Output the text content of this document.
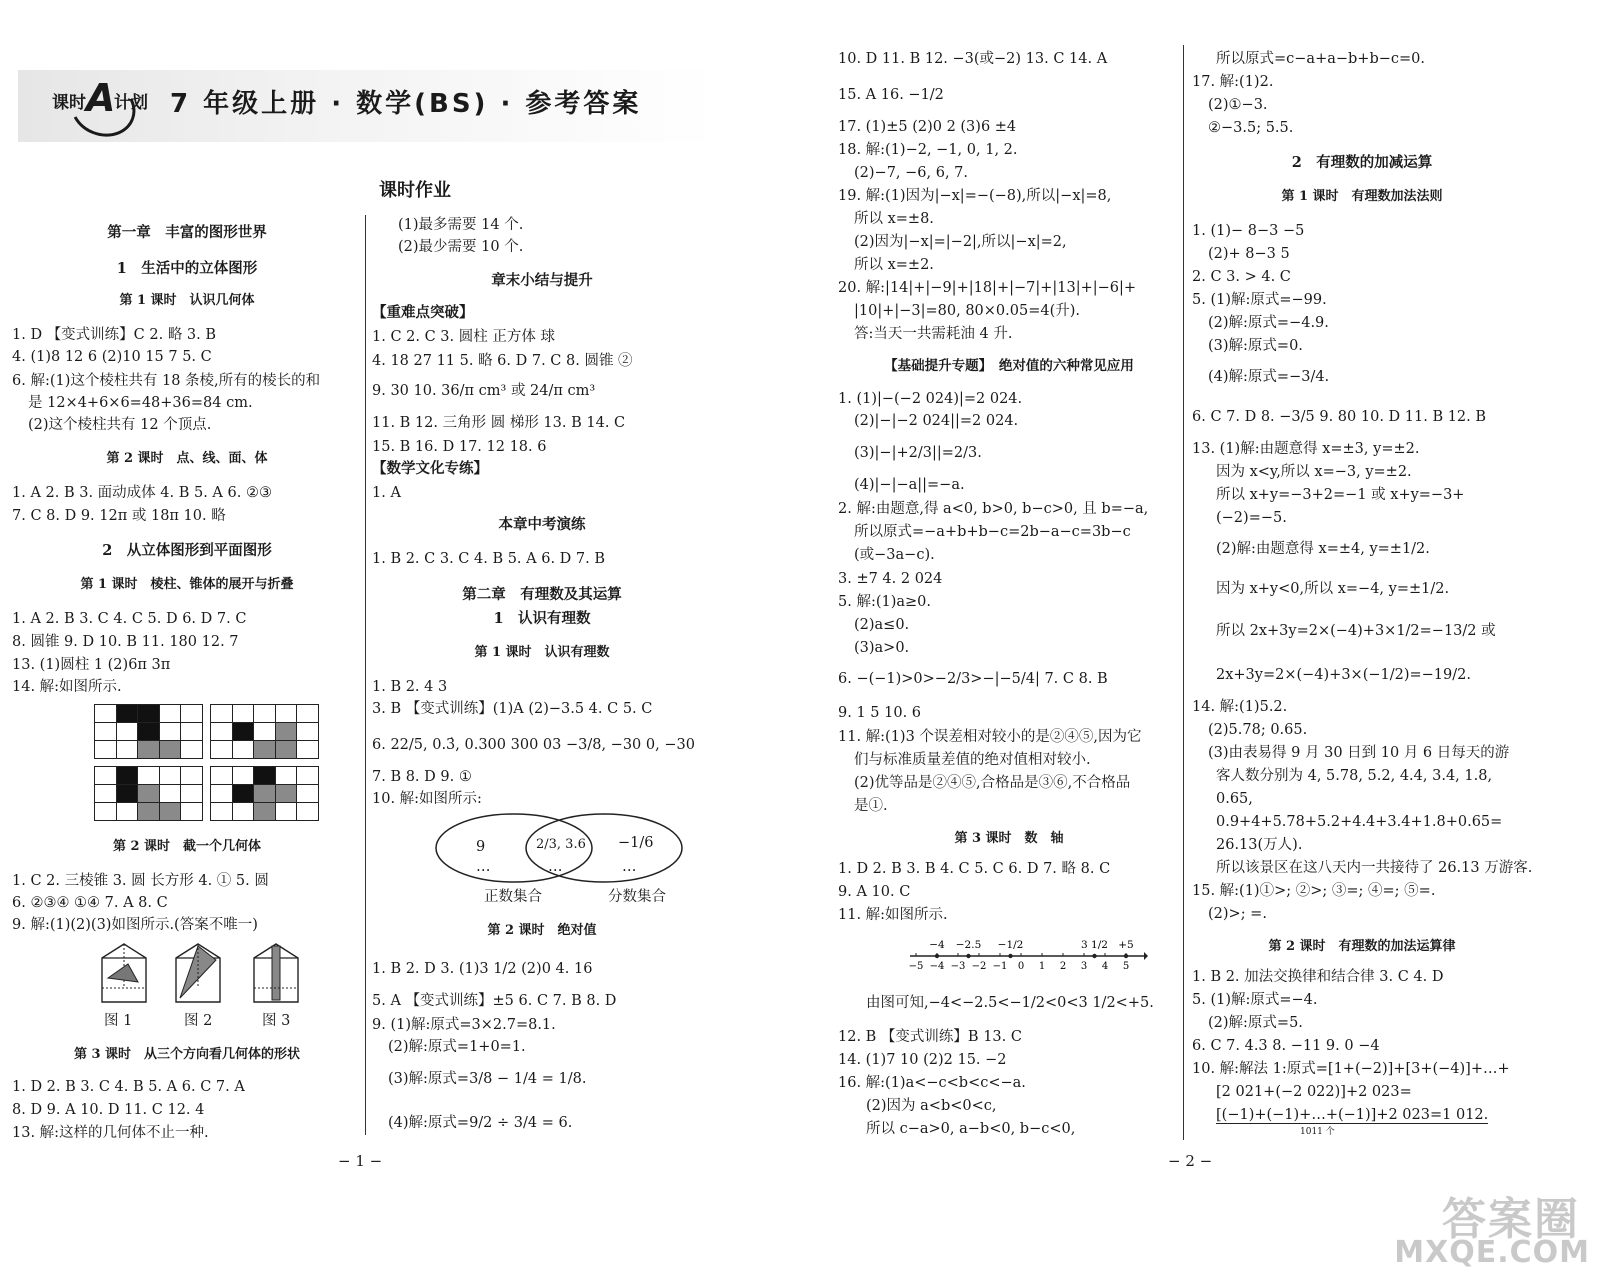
课时 A
计划 7 年级上册 · 数学(BS) · 参考答案
课时作业
第一章　丰富的图形世界
1　生活中的立体图形
第 1 课时　认识几何体
1. D 【变式训练】C 2. 略 3. B
4. (1)8 12 6 (2)10 15 7 5. C
6. 解:(1)这个棱柱共有 18 条棱,所有的棱长的和
是 12×4+6×6=48+36=84 cm.
(2)这个棱柱共有 12 个顶点.
第 2 课时　点、线、面、体
1. A 2. B 3. 面动成体 4. B 5. A 6. ②③
7. C 8. D 9. 12π 或 18π 10. 略
2　从立体图形到平面图形
第 1 课时　棱柱、锥体的展开与折叠
1. A 2. B 3. C 4. C 5. D 6. D 7. C
8. 圆锥 9. D 10. B 11. 180 12. 7
13. (1)圆柱 1 (2)6π 3π
14. 解:如图所示.
第 2 课时　截一个几何体
1. C 2. 三棱锥 3. 圆 长方形 4. ① 5. 圆
6. ②③④ ①④ 7. A 8. C
9. 解:(1)(2)(3)如图所示.(答案不唯一)
图 1	图 2	图 3
第 3 课时　从三个方向看几何体的形状
1. D 2. B 3. C 4. B 5. A 6. C 7. A
8. D 9. A 10. D 11. C 12. 4
13. 解:这样的几何体不止一种.
(1)最多需要 14 个.
(2)最少需要 10 个.
章末小结与提升
【重难点突破】
1. C 2. C 3. 圆柱 正方体 球
4. 18 27 11 5. 略 6. D 7. C 8. 圆锥 ②
9. 30 10. 36/π cm³ 或 24/π cm³
11. B 12. 三角形 圆 梯形 13. B 14. C
15. B 16. D 17. 12 18. 6
【数学文化专练】
1. A
本章中考演练
1. B 2. C 3. C 4. B 5. A 6. D 7. B
第二章　有理数及其运算
1　认识有理数
第 1 课时　认识有理数
1. B 2. 4 3
3. B 【变式训练】(1)A (2)−3.5 4. C 5. C
6. 22/5, 0.3̇, 0.300 300 03 −3/8, −30 0, −30
7. B 8. D 9. ①
10. 解:如图所示:
9
…
2/3, 3.6
…
−1/6
…
正数集合	分数集合
第 2 课时　绝对值
1. B 2. D 3. (1)3 1/2 (2)0 4. 16
5. A 【变式训练】±5 6. C 7. B 8. D
9. (1)解:原式=3×2.7=8.1.
(2)解:原式=1+0=1.
(3)解:原式=3/8 − 1/4 = 1/8.
(4)解:原式=9/2 ÷ 3/4 = 6.
− 1 −
10. D 11. B 12. −3(或−2) 13. C 14. A
15. A 16. −1/2
17. (1)±5 (2)0 2 (3)6 ±4
18. 解:(1)−2, −1, 0, 1, 2.
(2)−7, −6, 6, 7.
19. 解:(1)因为|−x|=−(−8),所以|−x|=8,
所以 x=±8.
(2)因为|−x|=|−2|,所以|−x|=2,
所以 x=±2.
20. 解:|14|+|−9|+|18|+|−7|+|13|+|−6|+
|10|+|−3|=80, 80×0.05=4(升).
答:当天一共需耗油 4 升.
【基础提升专题】　绝对值的六种常见应用
1. (1)|−(−2 024)|=2 024.
(2)|−|−2 024||=2 024.
(3)|−|+2/3||=2/3.
(4)|−|−a||=−a.
2. 解:由题意,得 a<0, b>0, b−c>0, 且 b=−a,
所以原式=−a+b+b−c=2b−a−c=3b−c
(或−3a−c).
3. ±7 4. 2 024
5. 解:(1)a≥0.
(2)a≤0.
(3)a>0.
6. −(−1)>0>−2/3>−|−5/4| 7. C 8. B
9. 1 5 10. 6
11. 解:(1)3 个误差相对较小的是②④⑤,因为它
们与标准质量差值的绝对值相对较小.
(2)优等品是②④⑤,合格品是③⑥,不合格品
是①.
第 3 课时　数　轴
1. D 2. B 3. B 4. C 5. C 6. D 7. 略 8. C
9. A 10. C
11. 解:如图所示.
−5 −4 −3 −2 −1 0 1 2 3 4 5
−4 −2.5 −1/2	3 1/2 +5
由图可知,−4<−2.5<−1/2<0<3 1/2<+5.
12. B 【变式训练】B 13. C
14. (1)7 10 (2)2 15. −2
16. 解:(1)a<−c<b<c<−a.
(2)因为 a<b<0<c,
所以 c−a>0, a−b<0, b−c<0,
所以原式=c−a+a−b+b−c=0.
17. 解:(1)2.
(2)①−3.
②−3.5; 5.5.
2　有理数的加减运算
第 1 课时　有理数加法法则
1. (1)− 8−3 −5
(2)+ 8−3 5
2. C 3. > 4. C
5. (1)解:原式=−99.
(2)解:原式=−4.9.
(3)解:原式=0.
(4)解:原式=−3/4.
6. C 7. D 8. −3/5 9. 80 10. D 11. B 12. B
13. (1)解:由题意得 x=±3, y=±2.
因为 x<y,所以 x=−3, y=±2.
所以 x+y=−3+2=−1 或 x+y=−3+
(−2)=−5.
(2)解:由题意得 x=±4, y=±1/2.
因为 x+y<0,所以 x=−4, y=±1/2.
所以 2x+3y=2×(−4)+3×1/2=−13/2 或
2x+3y=2×(−4)+3×(−1/2)=−19/2.
14. 解:(1)5.2.
(2)5.78; 0.65.
(3)由表易得 9 月 30 日到 10 月 6 日每天的游
客人数分别为 4, 5.78, 5.2, 4.4, 3.4, 1.8,
0.65,
0.9+4+5.78+5.2+4.4+3.4+1.8+0.65=
26.13(万人).
所以该景区在这八天内一共接待了 26.13 万游客.
15. 解:(1)①>; ②>; ③=; ④=; ⑤=.
(2)>; =.
第 2 课时　有理数的加法运算律
1. B 2. 加法交换律和结合律 3. C 4. D
5. (1)解:原式=−4.
(2)解:原式=5.
6. C 7. 4.3 8. −11 9. 0 −4
10. 解:解法 1:原式=[1+(−2)]+[3+(−4)]+…+
[2 021+(−2 022)]+2 023=
[(−1)+(−1)+…+(−1)]+2 023=1 012.
1011 个
− 2 −
答案圈
MXQE.COM
